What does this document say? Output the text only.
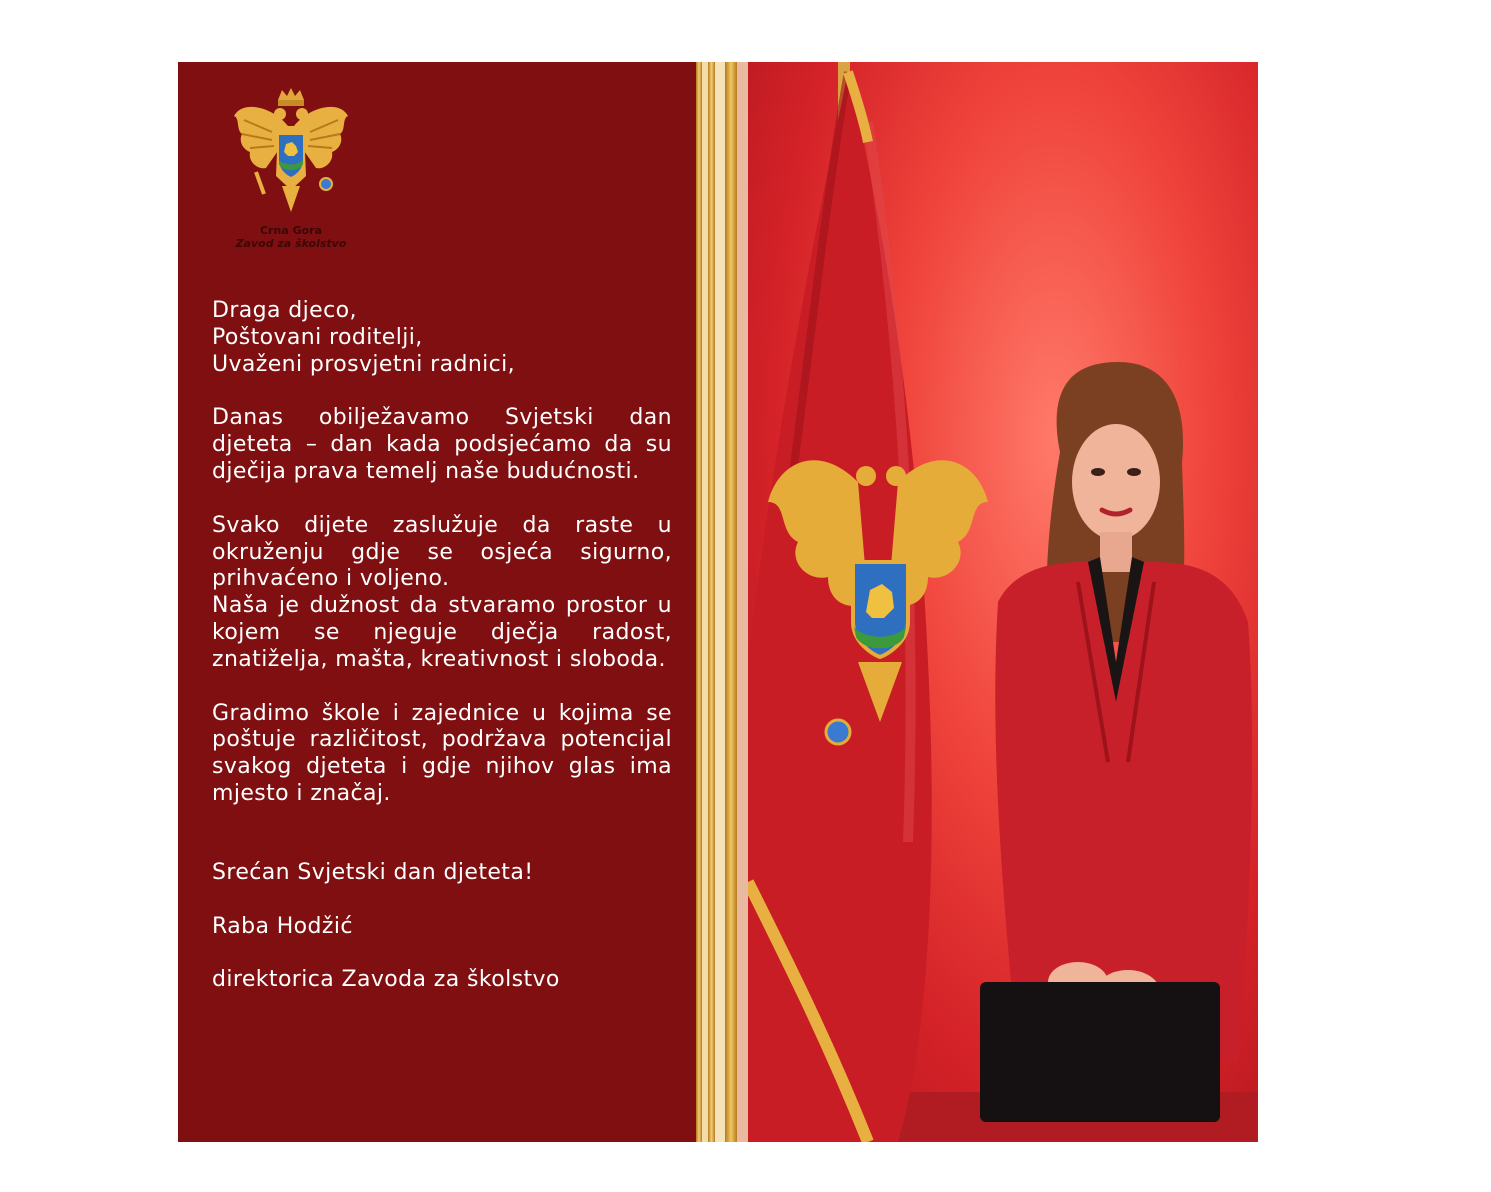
Crna Gora
Zavod za školstvo

Draga djeco,

Poštovani roditelji,

Uvaženi prosvjetni radnici,

Danas obilježavamo Svjetski dan djeteta – dan kada podsjećamo da su dječija prava temelj naše budućnosti.

Svako dijete zaslužuje da raste u okruženju gdje se osjeća sigurno, prihvaćeno i voljeno.

Naša je dužnost da stvaramo prostor u kojem se njeguje dječja radost, znatiželja, mašta, kreativnost i sloboda.

Gradimo škole i zajednice u kojima se poštuje različitost, podržava potencijal svakog djeteta i gdje njihov glas ima mjesto i značaj.

Srećan Svjetski dan djeteta!

Raba Hodžić

direktorica Zavoda za školstvo
